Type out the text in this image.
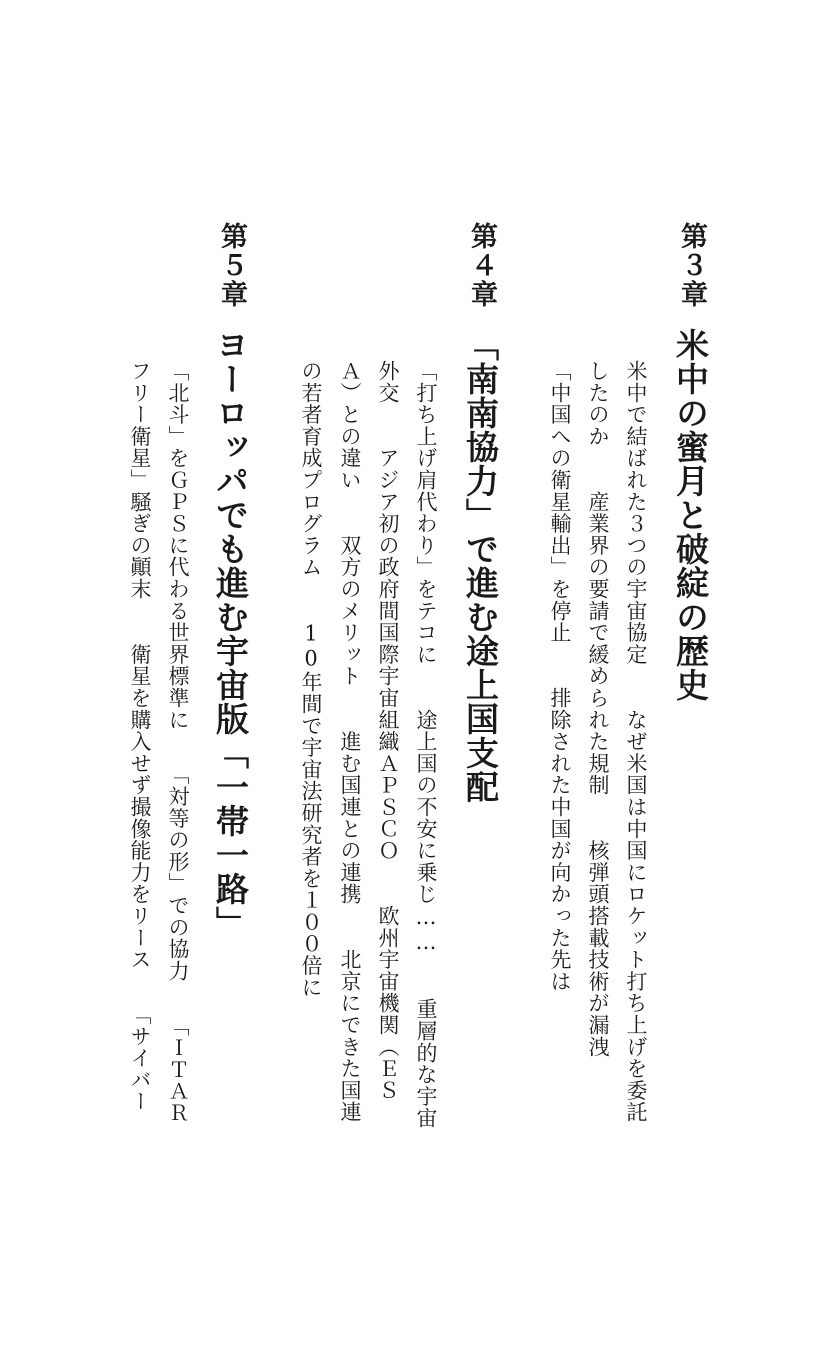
第３章
米中の蜜月と破綻の歴史
米中で結ばれた３つの宇宙協定　　なぜ米国は中国にロケット打ち上げを委託
したのか　　産業界の要請で緩められた規制　　核弾頭搭載技術が漏洩
「中国への衛星輸出」を停止　　排除された中国が向かった先は
第４章
「南南協力」で進む途上国支配
「打ち上げ肩代わり」をテコに　　途上国の不安に乗じ……　　重層的な宇宙
外交　　アジア初の政府間国際宇宙組織ＡＰＳＣＯ　　欧州宇宙機関（ＥＳ
Ａ）との違い　　双方のメリット　　進む国連との連携　　北京にできた国連
の若者育成プログラム　　10年間で宇宙法研究者を１００倍に
第５章
ヨーロッパでも進む宇宙版「一帯一路」
「北斗」をＧＰＳに代わる世界標準に　　「対等の形」での協力　　「ＩＴＡＲ
フリー衛星」騒ぎの顚末　　衛星を購入せず撮像能力をリース　　「サイバー
